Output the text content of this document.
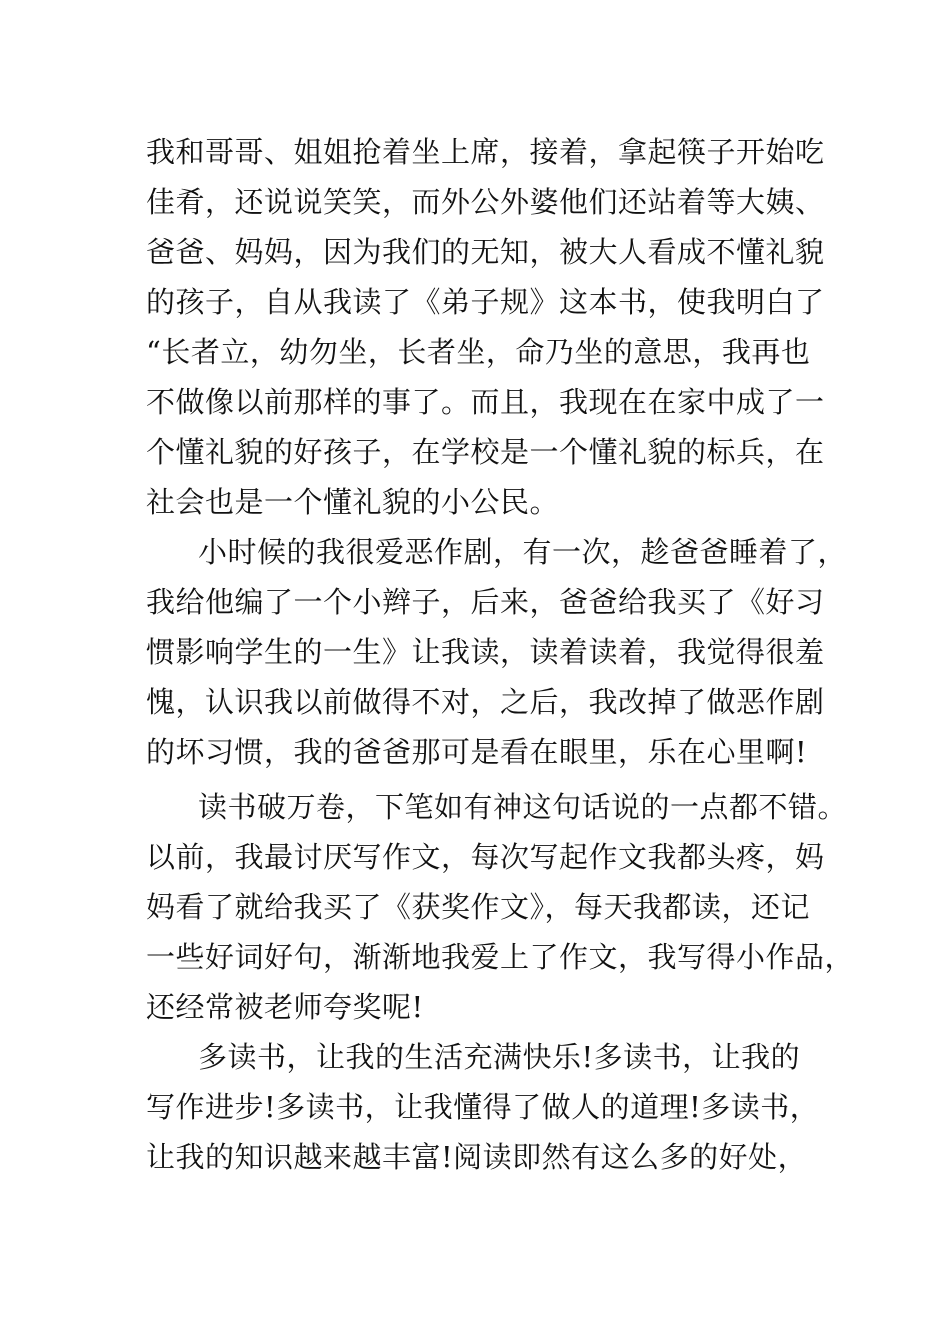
我和哥哥、姐姐抢着坐上席，接着，拿起筷子开始吃
佳肴，还说说笑笑，而外公外婆他们还站着等大姨、
爸爸、妈妈，因为我们的无知，被大人看成不懂礼貌
的孩子，自从我读了《弟子规》这本书，使我明白了
“长者立，幼勿坐，长者坐，命乃坐的意思，我再也
不做像以前那样的事了。而且，我现在在家中成了一
个懂礼貌的好孩子，在学校是一个懂礼貌的标兵，在
社会也是一个懂礼貌的小公民。
小时候的我很爱恶作剧，有一次，趁爸爸睡着了，
我给他编了一个小辫子，后来，爸爸给我买了《好习
惯影响学生的一生》让我读，读着读着，我觉得很羞
愧，认识我以前做得不对，之后，我改掉了做恶作剧
的坏习惯，我的爸爸那可是看在眼里，乐在心里啊!
读书破万卷，下笔如有神这句话说的一点都不错。
以前，我最讨厌写作文，每次写起作文我都头疼，妈
妈看了就给我买了《获奖作文》，每天我都读，还记
一些好词好句，渐渐地我爱上了作文，我写得小作品，
还经常被老师夸奖呢!
多读书，让我的生活充满快乐!多读书，让我的
写作进步!多读书，让我懂得了做人的道理!多读书，
让我的知识越来越丰富!阅读即然有这么多的好处，
